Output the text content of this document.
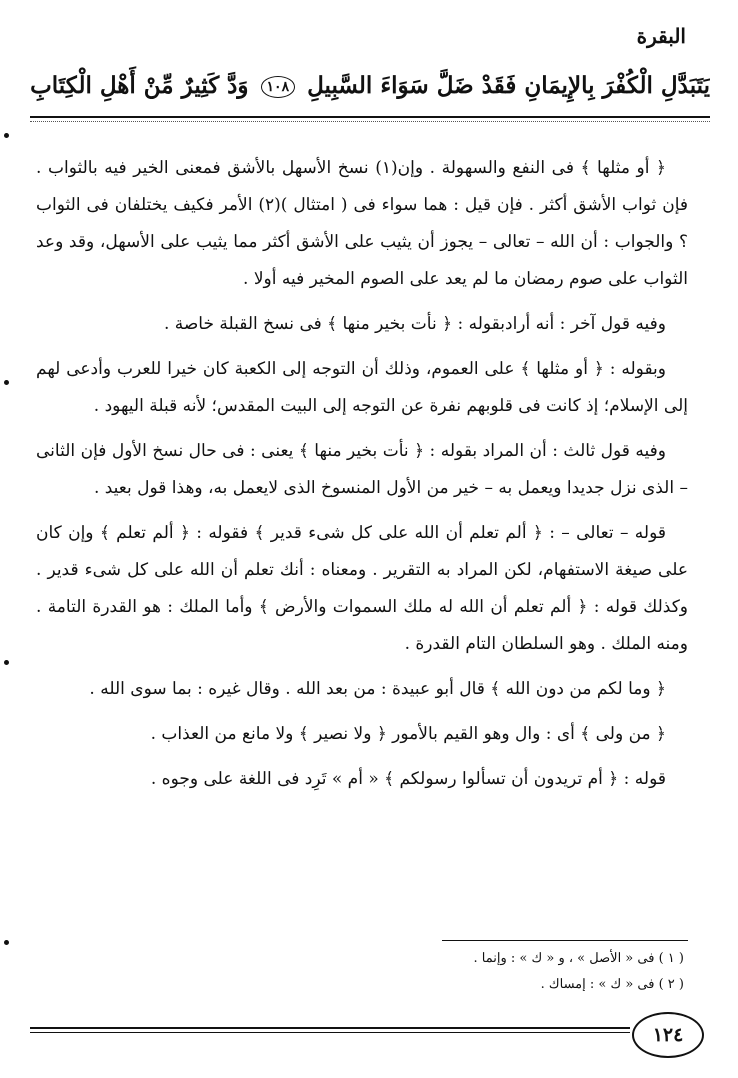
البقرة
يَتَبَدَّلِ الْكُفْرَ بِالإِيمَانِ فَقَدْ ضَلَّ سَوَاءَ السَّبِيلِ ١٠٨ وَدَّ كَثِيرٌ مِّنْ أَهْلِ الْكِتَابِ

﴿ أو مثلها ﴾ فى النفع والسهولة . وإن(١) نسخ الأسهل بالأشق فمعنى الخير فيه بالثواب . فإن ثواب الأشق أكثر . فإن قيل : هما سواء فى ( امتثال )(٢) الأمر فكيف يختلفان فى الثواب ؟ والجواب : أن الله – تعالى – يجوز أن يثيب على الأشق أكثر مما يثيب على الأسهل، وقد وعد الثواب على صوم رمضان ما لم يعد على الصوم المخير فيه أولا .

وفيه قول آخر : أنه أرادبقوله : ﴿ نأت بخير منها ﴾ فى نسخ القبلة خاصة .

وبقوله : ﴿ أو مثلها ﴾ على العموم، وذلك أن التوجه إلى الكعبة كان خيرا للعرب وأدعى لهم إلى الإسلام؛ إذ كانت فى قلوبهم نفرة عن التوجه إلى البيت المقدس؛ لأنه قبلة اليهود .

وفيه قول ثالث : أن المراد بقوله : ﴿ نأت بخير منها ﴾ يعنى : فى حال نسخ الأول فإن الثانى – الذى نزل جديدا ويعمل به – خير من الأول المنسوخ الذى لايعمل به، وهذا قول بعيد .

قوله – تعالى – : ﴿ ألم تعلم أن الله على كل شىء قدير ﴾ فقوله : ﴿ ألم تعلم ﴾ وإن كان على صيغة الاستفهام، لكن المراد به التقرير . ومعناه : أنك تعلم أن الله على كل شىء قدير . وكذلك قوله : ﴿ ألم تعلم أن الله له ملك السموات والأرض ﴾ وأما الملك : هو القدرة التامة . ومنه الملك . وهو السلطان التام القدرة .

﴿ وما لكم من دون الله ﴾ قال أبو عبيدة : من بعد الله . وقال غيره : بما سوى الله .

﴿ من ولى ﴾ أى : وال وهو القيم بالأمور ﴿ ولا نصير ﴾ ولا مانع من العذاب .

قوله : ﴿ أم تريدون أن تسألوا رسولكم ﴾ « أم » تَرِد فى اللغة على وجوه .

( ١ ) فى « الأصل » ، و « ك » : وإنما .
( ٢ ) فى « ك » : إمساك .
١٢٤
